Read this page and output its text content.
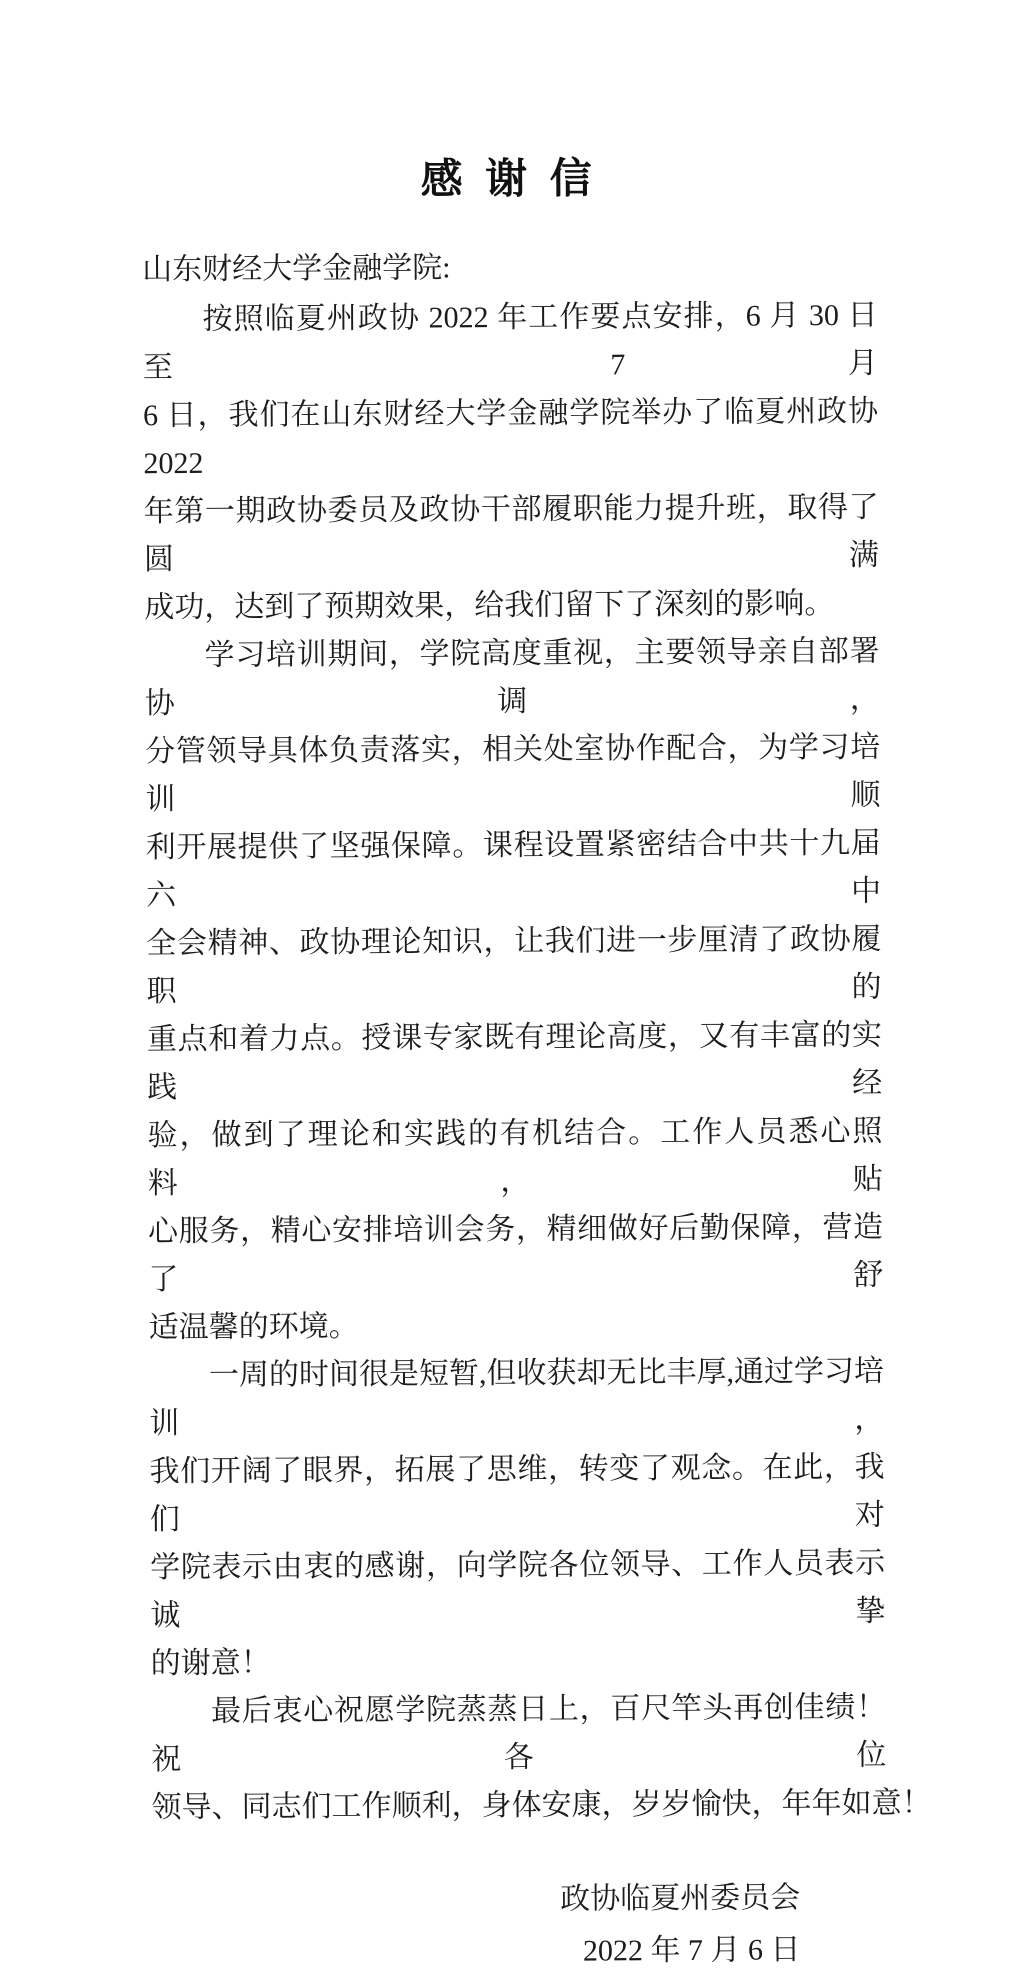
感 谢 信
山东财经大学金融学院:
按照临夏州政协 2022 年工作要点安排，6 月 30 日至 7 月
6 日，我们在山东财经大学金融学院举办了临夏州政协 2022
年第一期政协委员及政协干部履职能力提升班，取得了圆满
成功，达到了预期效果，给我们留下了深刻的影响。
学习培训期间，学院高度重视，主要领导亲自部署协调，
分管领导具体负责落实，相关处室协作配合，为学习培训顺
利开展提供了坚强保障。课程设置紧密结合中共十九届六中
全会精神、政协理论知识，让我们进一步厘清了政协履职的
重点和着力点。授课专家既有理论高度，又有丰富的实践经
验，做到了理论和实践的有机结合。工作人员悉心照料，贴
心服务，精心安排培训会务，精细做好后勤保障，营造了舒
适温馨的环境。
一周的时间很是短暂,但收获却无比丰厚,通过学习培训，
我们开阔了眼界，拓展了思维，转变了观念。在此，我们对
学院表示由衷的感谢，向学院各位领导、工作人员表示诚挚
的谢意！
最后衷心祝愿学院蒸蒸日上，百尺竿头再创佳绩！祝各位
领导、同志们工作顺利，身体安康，岁岁愉快，年年如意！
政协临夏州委员会
2022 年 7 月 6 日
